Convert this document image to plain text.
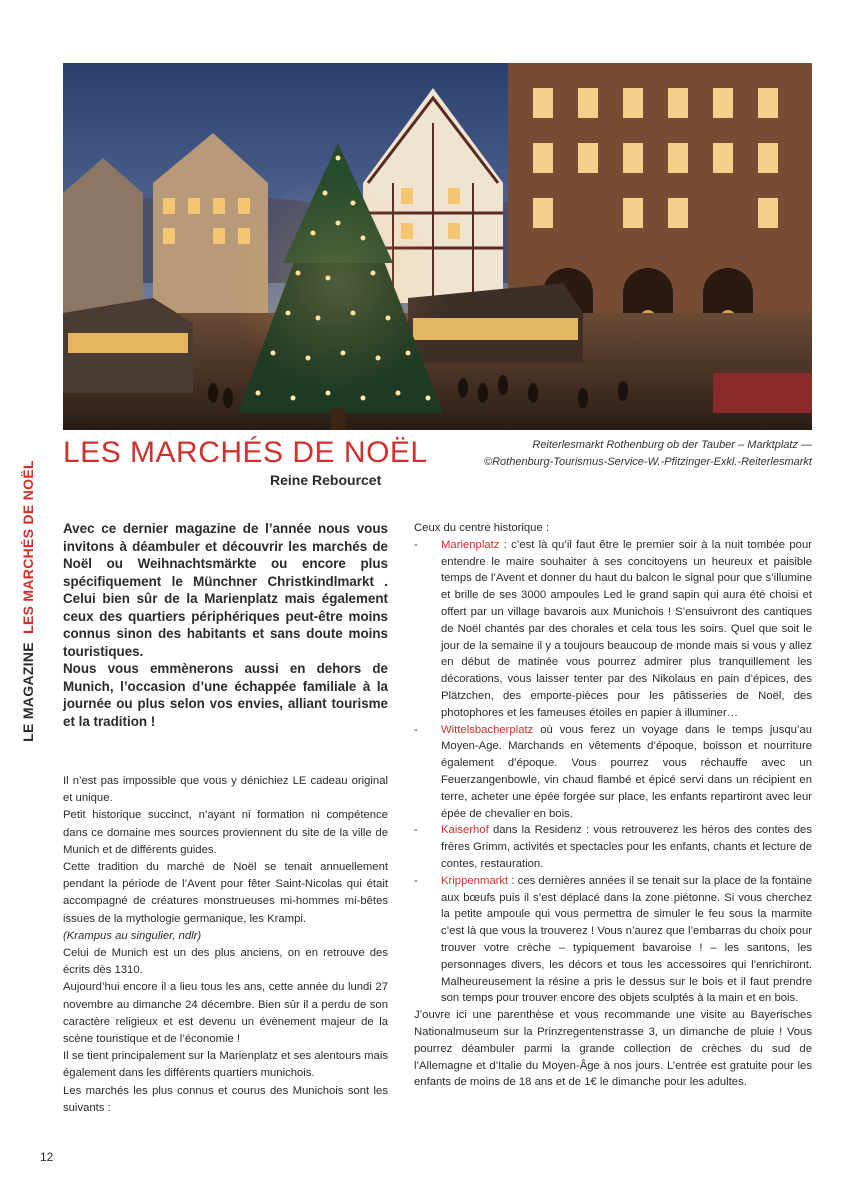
LE MAGAZINE LES MARCHÉS DE NOËL
LES MARCHÉS DE NOËL
Reine Rebourcet
Reiterlesmarkt Rothenburg ob der Tauber – Marktplatz —
©Rothenburg-Tourismus-Service-W.-Pfitzinger-Exkl.-Reiterlesmarkt

Avec ce dernier magazine de l’année nous vous invitons à déambuler et découvrir les marchés de Noël ou Weihnachtsmärkte ou encore plus spécifiquement le Münchner Christkindlmarkt . Celui bien sûr de la Marienplatz mais également ceux des quartiers périphériques peut-être moins connus sinon des habitants et sans doute moins touristiques.

Nous vous emmènerons aussi en dehors de Munich, l’occasion d’une échappée familiale à la journée ou plus selon vos envies, alliant tourisme et la tradition !

Il n’est pas impossible que vous y dénichiez LE cadeau original et unique.

Petit historique succinct, n’ayant ni formation ni compétence dans ce domaine mes sources proviennent du site de la ville de Munich et de différents guides.

Cette tradition du marché de Noël se tenait annuellement pendant la période de l’Avent pour fêter Saint-Nicolas qui était accompagné de créatures monstrueuses mi-hommes mi-bêtes issues de la mythologie germanique, les Krampi.

(Krampus au singulier, ndlr)

Celui de Munich est un des plus anciens, on en retrouve des écrits dès 1310.

Aujourd’hui encore il a lieu tous les ans, cette année du lundi 27 novembre au dimanche 24 décembre. Bien sûr il a perdu de son caractère religieux et est devenu un évènement majeur de la scène touristique et de l’économie !

Il se tient principalement sur la Marienplatz et ses alentours mais également dans les différents quartiers munichois.

Les marchés les plus connus et courus des Munichois sont les suivants :

Ceux du centre historique :

- Marienplatz : c’est là qu’il faut être le premier soir à la nuit tombée pour entendre le maire souhaiter à ses concitoyens un heureux et paisible temps de l’Avent et donner du haut du balcon le signal pour que s’illumine et brille de ses 3000 ampoules Led le grand sapin qui aura été choisi et offert par un village bavarois aux Munichois ! S’ensuivront des cantiques de Noël chantés par des chorales et cela tous les soirs. Quel que soit le jour de la semaine il y a toujours beaucoup de monde mais si vous y allez en début de matinée vous pourrez admirer plus tranquillement les décorations, vous laisser tenter par des Nikolaus en pain d’épices, des Plätzchen, des emporte-pièces pour les pâtisseries de Noël, des photophores et les fameuses étoiles en papier à illuminer…

- Wittelsbacherplatz où vous ferez un voyage dans le temps jusqu’au Moyen-Age. Marchands en vêtements d’époque, boisson et nourriture également d’époque. Vous pourrez vous réchauffe avec un Feuerzangenbowle, vin chaud flambé et épicé servi dans un récipient en terre, acheter une épée forgée sur place, les enfants repartiront avec leur épée de chevalier en bois.

- Kaiserhof dans la Residenz : vous retrouverez les héros des contes des frères Grimm, activités et spectacles pour les enfants, chants et lecture de contes, restauration.

- Krippenmarkt : ces dernières années il se tenait sur la place de la fontaine aux bœufs puis il s’est déplacé dans la zone piétonne. Si vous cherchez la petite ampoule qui vous permettra de simuler le feu sous la marmite c’est là que vous la trouverez ! Vous n’aurez que l’embarras du choix pour trouver votre crèche – typiquement bavaroise ! – les santons, les personnages divers, les décors et tous les accessoires qui l’enrichiront. Malheureusement la résine a pris le dessus sur le bois et il faut prendre son temps pour trouver encore des objets sculptés à la main et en bois.

J’ouvre ici une parenthèse et vous recommande une visite au Bayerisches Nationalmuseum sur la Prinzregentenstrasse 3, un dimanche de pluie ! Vous pourrez déambuler parmi la grande collection de crèches du sud de l’Allemagne et d’Italie du Moyen-Âge à nos jours. L’entrée est gratuite pour les enfants de moins de 18 ans et de 1€ le dimanche pour les adultes.

12
